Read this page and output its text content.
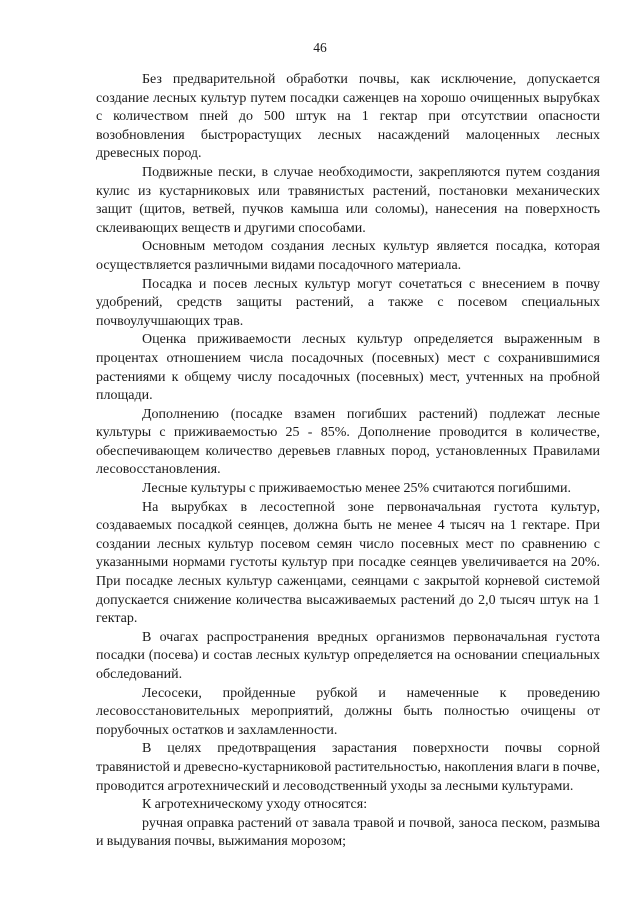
46

Без предварительной обработки почвы, как исключение, допускается создание лесных культур путем посадки саженцев на хорошо очищенных вырубках с количеством пней до 500 штук на 1 гектар при отсутствии опасности возобновления быстрорастущих лесных насаждений малоценных лесных древесных пород.

Подвижные пески, в случае необходимости, закрепляются путем создания кулис из кустарниковых или травянистых растений, постановки механических защит (щитов, ветвей, пучков камыша или соломы), нанесения на поверхность склеивающих веществ и другими способами.

Основным методом создания лесных культур является посадка, которая осуществляется различными видами посадочного материала.

Посадка и посев лесных культур могут сочетаться с внесением в почву удобрений, средств защиты растений, а также с посевом специальных почвоулучшающих трав.

Оценка приживаемости лесных культур определяется выраженным в процентах отношением числа посадочных (посевных) мест с сохранившимися растениями к общему числу посадочных (посевных) мест, учтенных на пробной площади.

Дополнению (посадке взамен погибших растений) подлежат лесные культуры с приживаемостью 25 - 85%. Дополнение проводится в количестве, обеспечивающем количество деревьев главных пород, установленных Правилами лесовосстановления.

Лесные культуры с приживаемостью менее 25% считаются погибшими.

На вырубках в лесостепной зоне первоначальная густота культур, создаваемых посадкой сеянцев, должна быть не менее 4 тысяч на 1 гектаре. При создании лесных культур посевом семян число посевных мест по сравнению с указанными нормами густоты культур при посадке сеянцев увеличивается на 20%. При посадке лесных культур саженцами, сеянцами с закрытой корневой системой допускается снижение количества высаживаемых растений до 2,0 тысяч штук на 1 гектар.

В очагах распространения вредных организмов первоначальная густота посадки (посева) и состав лесных культур определяется на основании специальных обследований.

Лесосеки, пройденные рубкой и намеченные к проведению лесовосстановительных мероприятий, должны быть полностью очищены от порубочных остатков и захламленности.

В целях предотвращения зарастания поверхности почвы сорной травянистой и древесно-кустарниковой растительностью, накопления влаги в почве, проводится агротехнический и лесоводственный уходы за лесными культурами.

К агротехническому уходу относятся:

ручная оправка растений от завала травой и почвой, заноса песком, размыва и выдувания почвы, выжимания морозом;
